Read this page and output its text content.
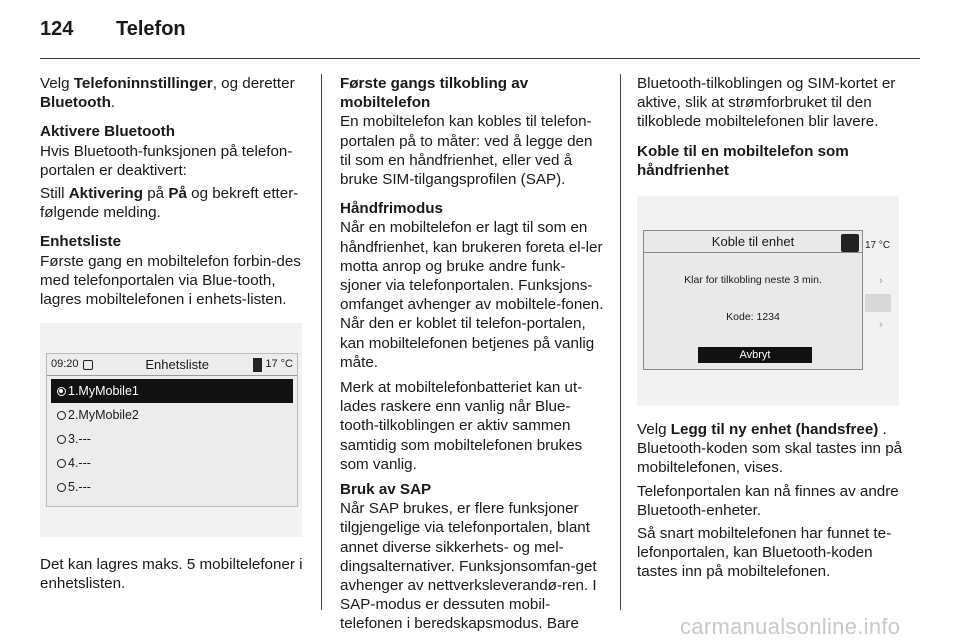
124	Telefon

Velg Telefoninnstillinger, og deretter
Bluetooth.

Aktivere Bluetooth

Hvis Bluetooth-funksjonen på telefon-portalen er deaktivert:

Still Aktivering på På og bekreft etter-følgende melding.

Enhetsliste

Første gang en mobiltelefon forbin-des med telefonportalen via Blue-tooth, lagres mobiltelefonen i enhets-listen.

09:20	Enhetsliste	17 °C
1.MyMobile1
2.MyMobile2
3.---
4.---
5.---

Det kan lagres maks. 5 mobiltelefoner i enhetslisten.

Første gangs tilkobling av mobiltelefon

En mobiltelefon kan kobles til telefon-portalen på to måter: ved å legge den til som en håndfrienhet, eller ved å bruke SIM-tilgangsprofilen (SAP).

Håndfrimodus

Når en mobiltelefon er lagt til som en håndfrienhet, kan brukeren foreta el-ler motta anrop og bruke andre funk-sjoner via telefonportalen. Funksjons-omfanget avhenger av mobiltele-fonen. Når den er koblet til telefon-portalen, kan mobiltelefonen betjenes på vanlig måte.

Merk at mobiltelefonbatteriet kan ut-lades raskere enn vanlig når Blue-tooth-tilkoblingen er aktiv sammen samtidig som mobiltelefonen brukes som vanlig.

Bruk av SAP

Når SAP brukes, er flere funksjoner tilgjengelige via telefonportalen, blant annet diverse sikkerhets- og mel-dingsalternativer. Funksjonsomfan-get avhenger av nettverksleverandø-ren. I SAP-modus er dessuten mobil-telefonen i beredskapsmodus. Bare

Bluetooth-tilkoblingen og SIM-kortet er aktive, slik at strømforbruket til den tilkoblede mobiltelefonen blir lavere.

Koble til en mobiltelefon som håndfrienhet
Koble til enhet
Klar for tilkobling neste 3 min.
Kode: 1234
Avbryt
17 °C
›
›

Velg Legg til ny enhet (handsfree) .
Bluetooth-koden som skal tastes inn på mobiltelefonen, vises.

Telefonportalen kan nå finnes av andre Bluetooth-enheter.

Så snart mobiltelefonen har funnet te-lefonportalen, kan Bluetooth-koden tastes inn på mobiltelefonen.

carmanualsonline.info
